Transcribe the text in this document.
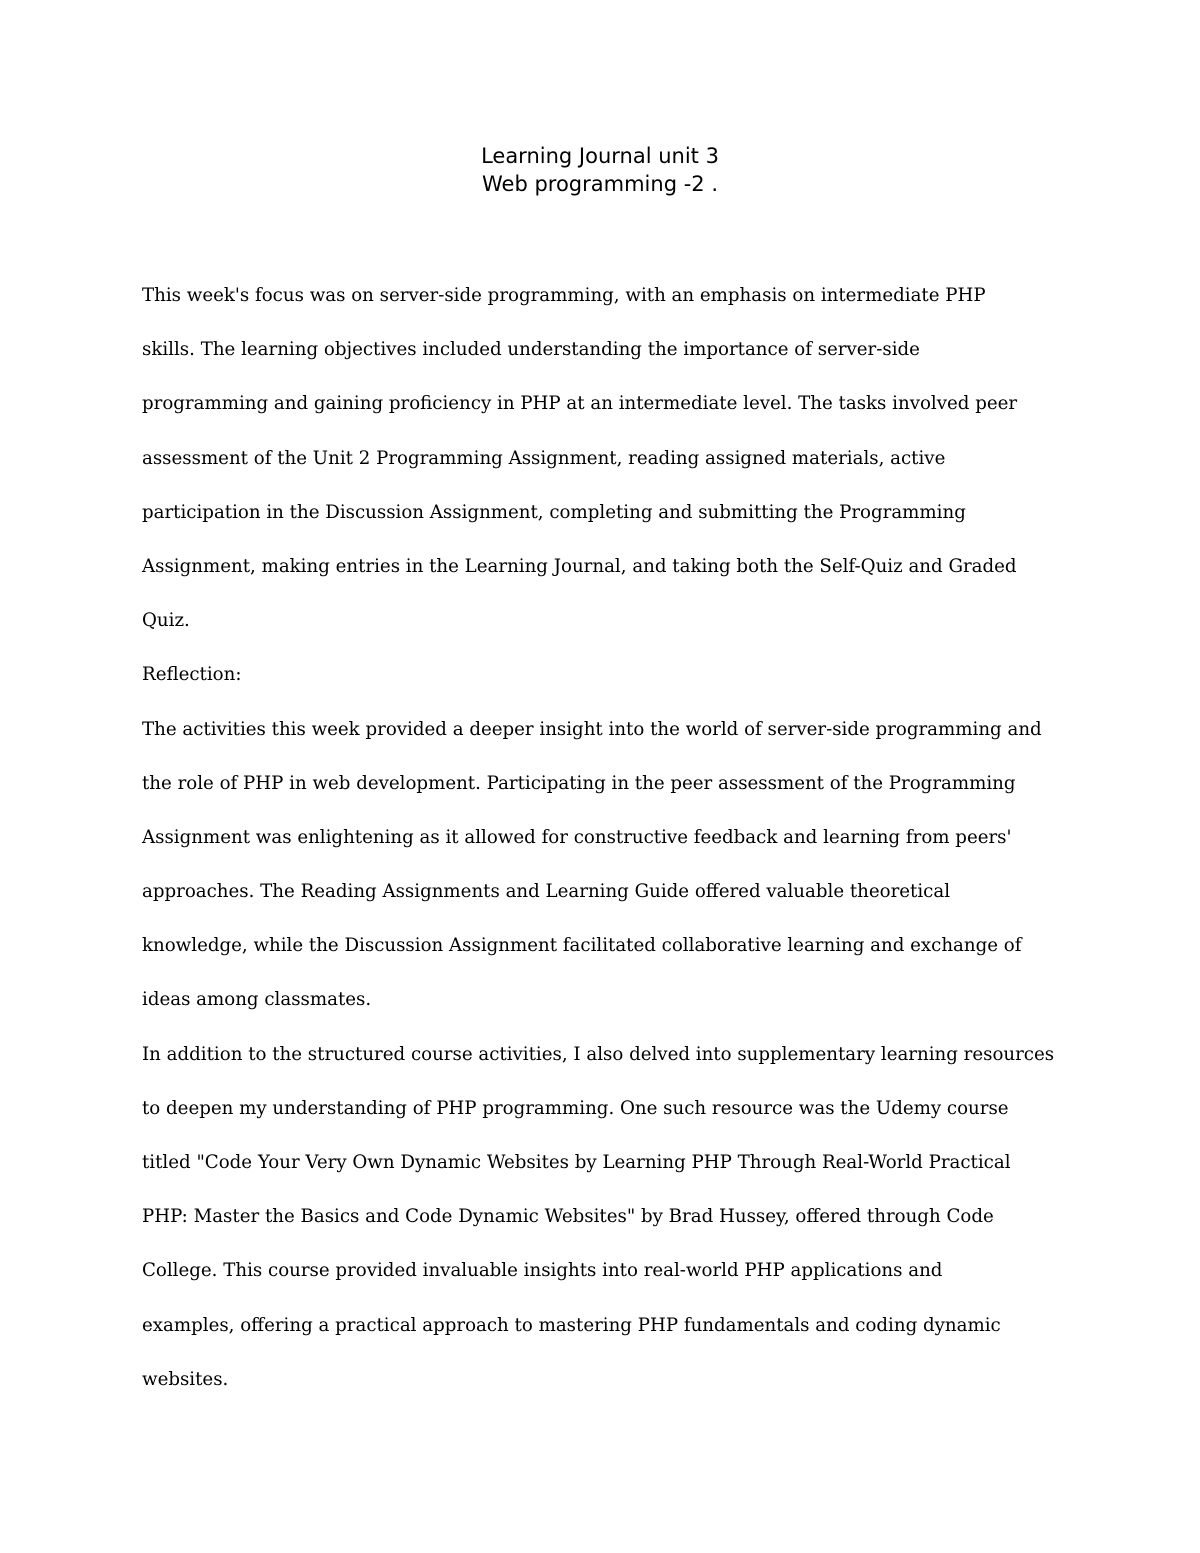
Learning Journal unit 3
Web programming -2 .
This week's focus was on server-side programming, with an emphasis on intermediate PHP
skills. The learning objectives included understanding the importance of server-side
programming and gaining proficiency in PHP at an intermediate level. The tasks involved peer
assessment of the Unit 2 Programming Assignment, reading assigned materials, active
participation in the Discussion Assignment, completing and submitting the Programming
Assignment, making entries in the Learning Journal, and taking both the Self-Quiz and Graded
Quiz.
Reflection:
The activities this week provided a deeper insight into the world of server-side programming and
the role of PHP in web development. Participating in the peer assessment of the Programming
Assignment was enlightening as it allowed for constructive feedback and learning from peers'
approaches. The Reading Assignments and Learning Guide offered valuable theoretical
knowledge, while the Discussion Assignment facilitated collaborative learning and exchange of
ideas among classmates.
In addition to the structured course activities, I also delved into supplementary learning resources
to deepen my understanding of PHP programming. One such resource was the Udemy course
titled "Code Your Very Own Dynamic Websites by Learning PHP Through Real-World Practical
PHP: Master the Basics and Code Dynamic Websites" by Brad Hussey, offered through Code
College. This course provided invaluable insights into real-world PHP applications and
examples, offering a practical approach to mastering PHP fundamentals and coding dynamic
websites.
